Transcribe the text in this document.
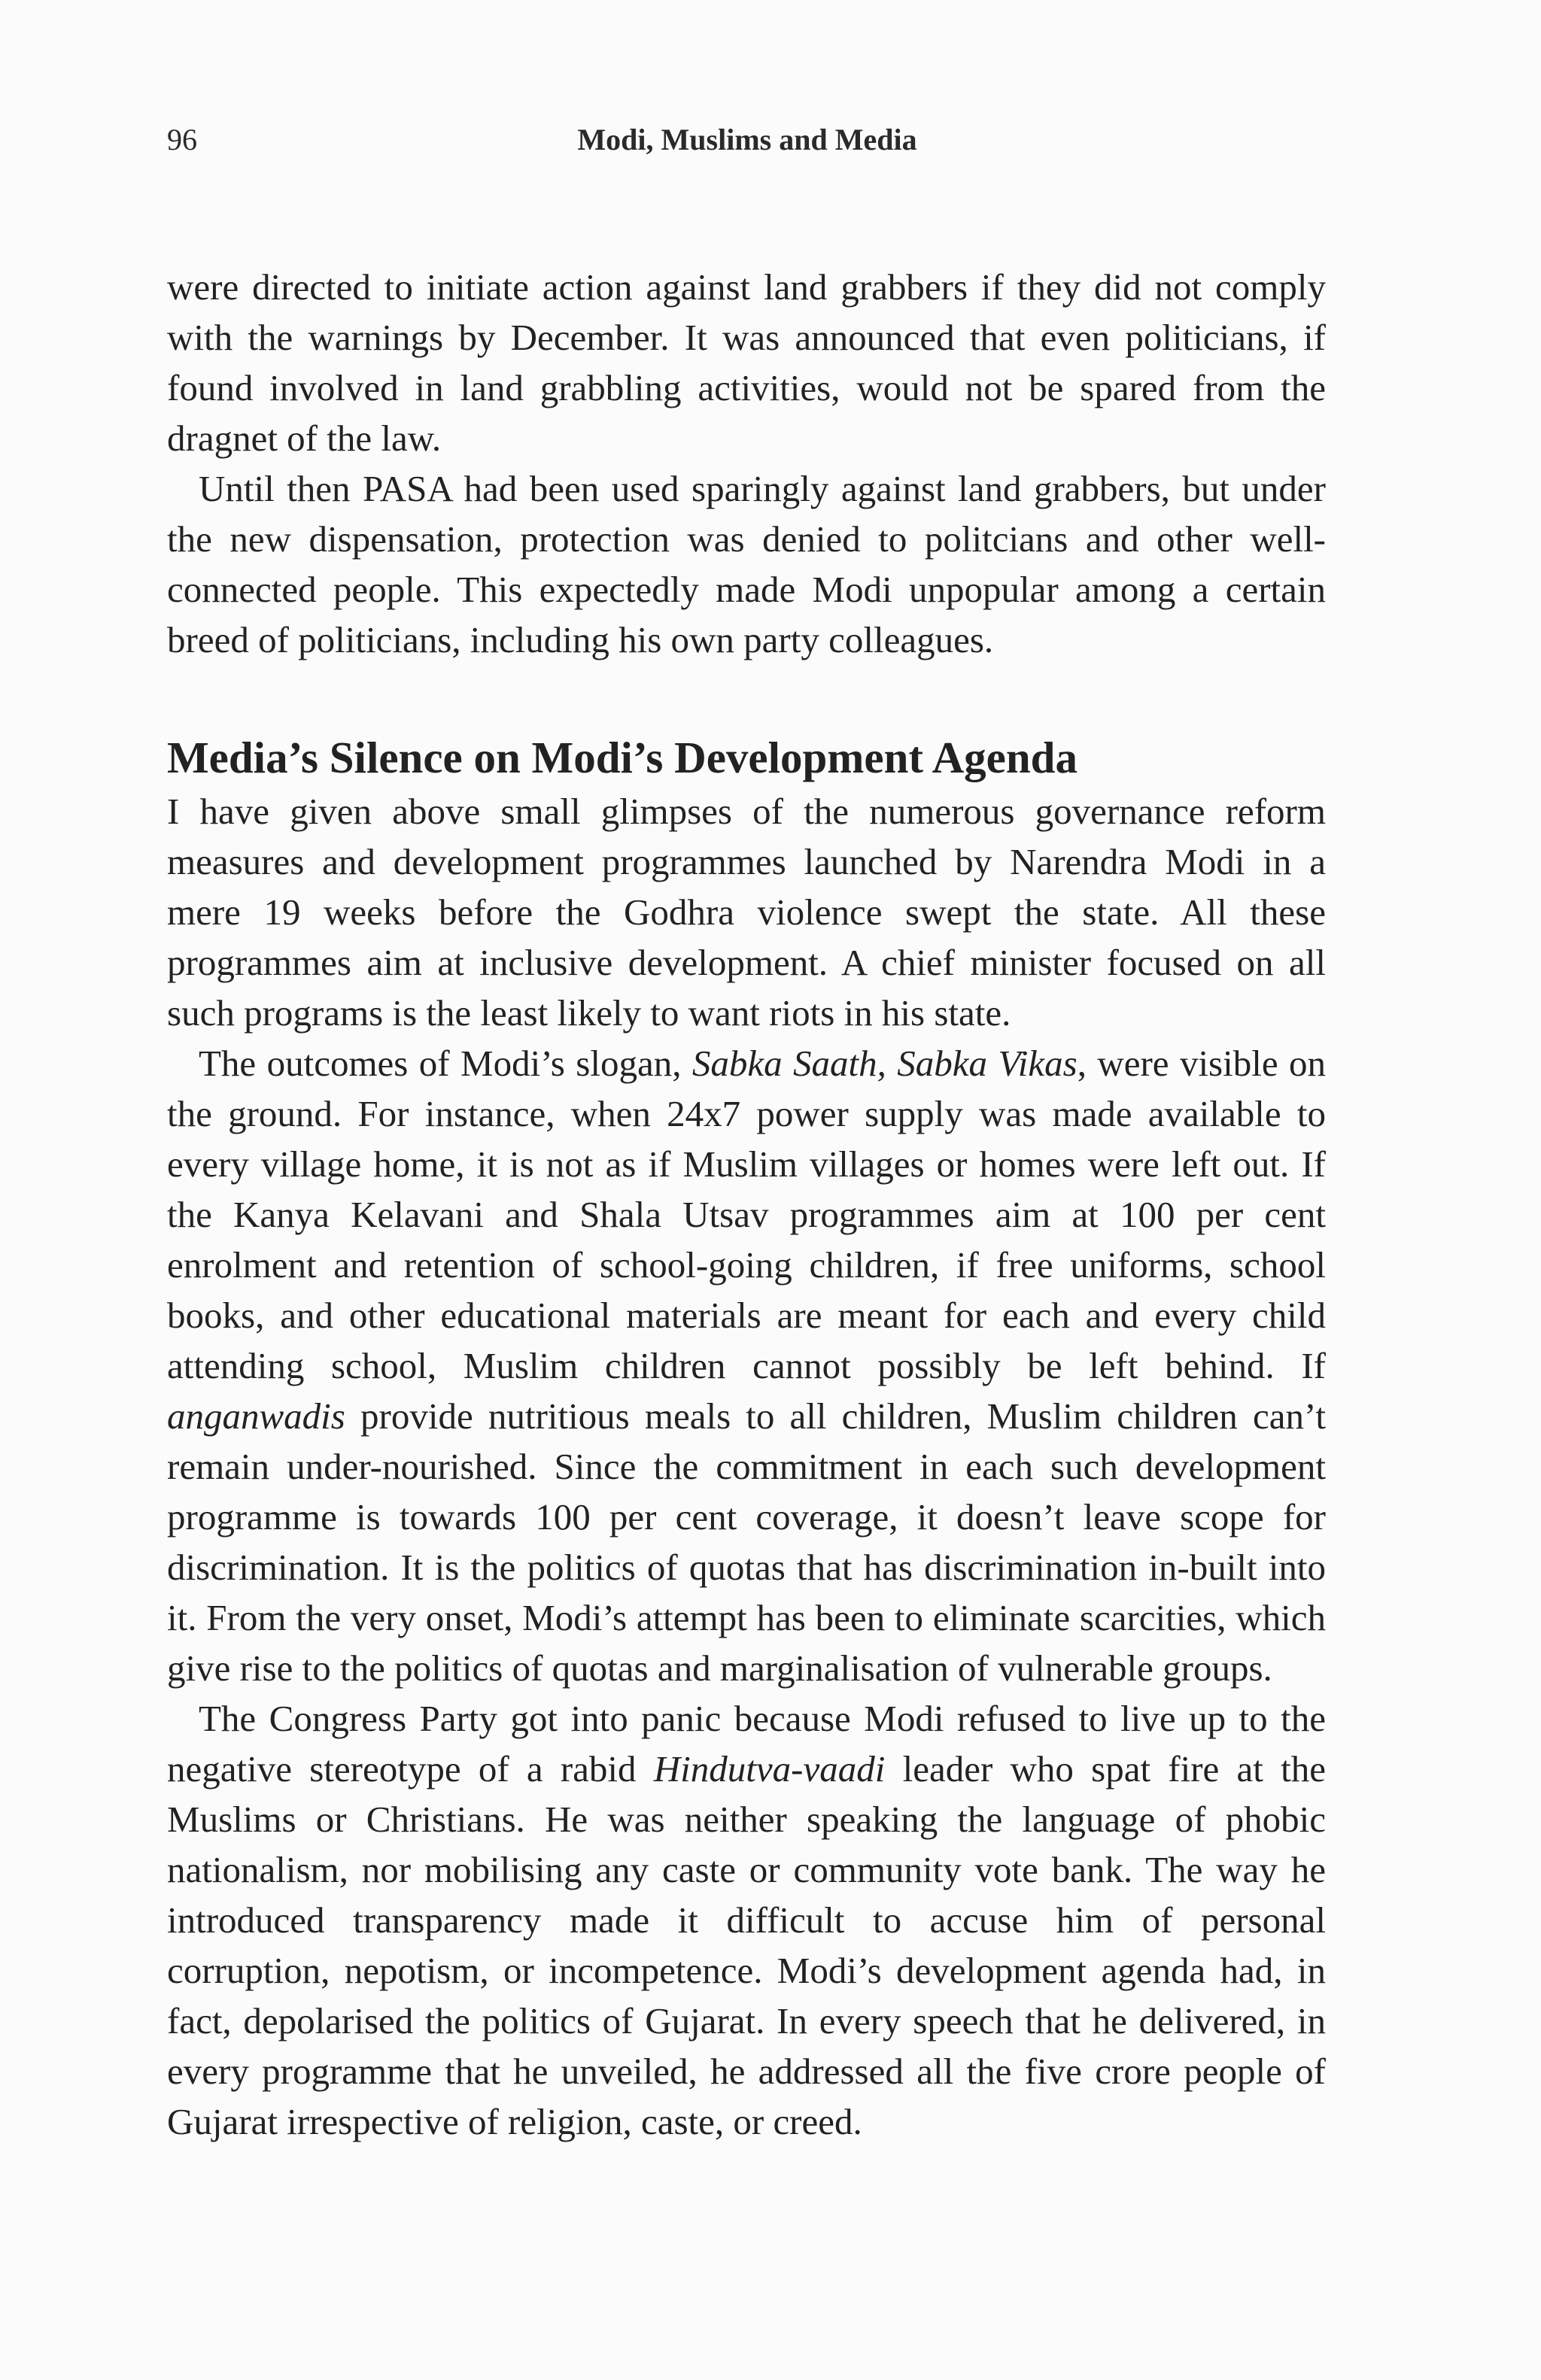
96	Modi, Muslims and Media

were directed to initiate action against land grabbers if they did not comply with the warnings by December. It was announced that even politicians, if found involved in land grabbling activities, would not be spared from the dragnet of the law.

Until then PASA had been used sparingly against land grabbers, but under the new dispensation, protection was denied to politcians and other well-connected people. This expectedly made Modi unpopular among a certain breed of politicians, including his own party colleagues.

Media’s Silence on Modi’s Development Agenda

I have given above small glimpses of the numerous governance reform measures and development programmes launched by Narendra Modi in a mere 19 weeks before the Godhra violence swept the state. All these programmes aim at inclusive development. A chief minister focused on all such programs is the least likely to want riots in his state.

The outcomes of Modi’s slogan, Sabka Saath, Sabka Vikas, were visible on the ground. For instance, when 24x7 power supply was made available to every village home, it is not as if Muslim villages or homes were left out. If the Kanya Kelavani and Shala Utsav programmes aim at 100 per cent enrolment and retention of school-going children, if free uniforms, school books, and other educational materials are meant for each and every child attending school, Muslim children cannot possibly be left behind. If anganwadis provide nutritious meals to all children, Muslim children can’t remain under-nourished. Since the commitment in each such development programme is towards 100 per cent coverage, it doesn’t leave scope for discrimination. It is the politics of quotas that has discrimination in-built into it. From the very onset, Modi’s attempt has been to eliminate scarcities, which give rise to the politics of quotas and marginalisation of vulnerable groups.

The Congress Party got into panic because Modi refused to live up to the negative stereotype of a rabid Hindutva-vaadi leader who spat fire at the Muslims or Christians. He was neither speaking the language of phobic nationalism, nor mobilising any caste or community vote bank. The way he introduced transparency made it difficult to accuse him of personal corruption, nepotism, or incompetence. Modi’s development agenda had, in fact, depolarised the politics of Gujarat. In every speech that he delivered, in every programme that he unveiled, he addressed all the five crore people of Gujarat irrespective of religion, caste, or creed.
